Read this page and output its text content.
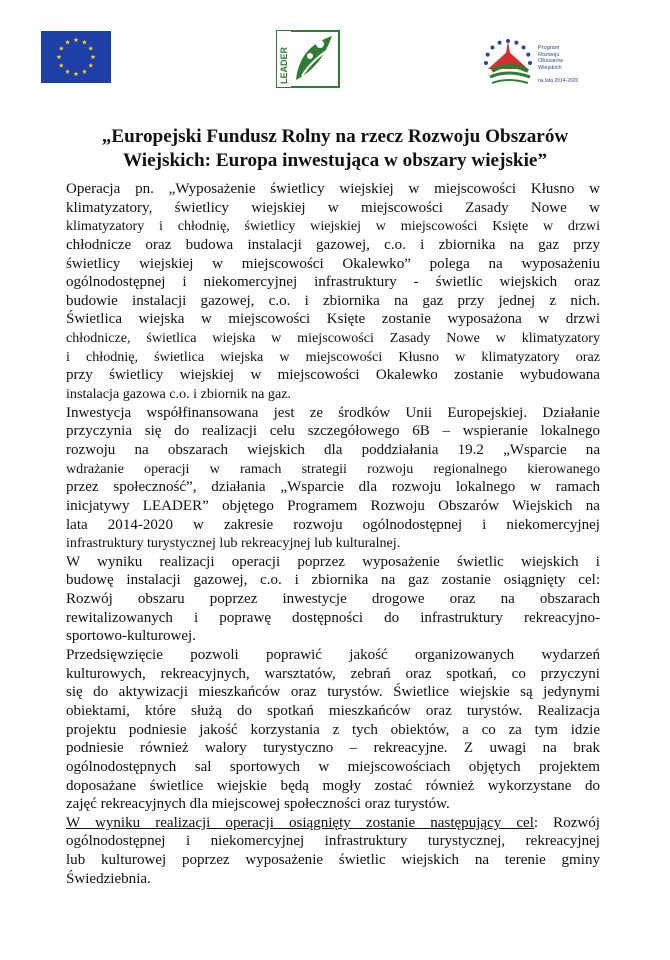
LEADER	Program
Rozwoju
Obszarów
Wiejskich
na lata 2014-2020
„Europejski Fundusz Rolny na rzecz Rozwoju Obszarów
Wiejskich: Europa inwestująca w obszary wiejskie”
Operacja pn. „Wyposażenie świetlicy wiejskiej w miejscowości Kłusno w
klimatyzatory, świetlicy wiejskiej w miejscowości Zasady Nowe w
klimatyzatory i chłodnię, świetlicy wiejskiej w miejscowości Księte w drzwi
chłodnicze oraz budowa instalacji gazowej, c.o. i zbiornika na gaz przy
świetlicy wiejskiej w miejscowości Okalewko” polega na wyposażeniu
ogólnodostępnej i niekomercyjnej infrastruktury - świetlic wiejskich oraz
budowie instalacji gazowej, c.o. i zbiornika na gaz przy jednej z nich.
Świetlica wiejska w miejscowości Księte zostanie wyposażona w drzwi
chłodnicze, świetlica wiejska w miejscowości Zasady Nowe w klimatyzatory
i chłodnię, świetlica wiejska w miejscowości Kłusno w klimatyzatory oraz
przy świetlicy wiejskiej w miejscowości Okalewko zostanie wybudowana
instalacja gazowa c.o. i zbiornik na gaz.
Inwestycja współfinansowana jest ze środków Unii Europejskiej. Działanie
przyczynia się do realizacji celu szczegółowego 6B – wspieranie lokalnego
rozwoju na obszarach wiejskich dla poddziałania 19.2 „Wsparcie na
wdrażanie operacji w ramach strategii rozwoju regionalnego kierowanego
przez społeczność”, działania „Wsparcie dla rozwoju lokalnego w ramach
inicjatywy LEADER” objętego Programem Rozwoju Obszarów Wiejskich na
lata 2014-2020 w zakresie rozwoju ogólnodostępnej i niekomercyjnej
infrastruktury turystycznej lub rekreacyjnej lub kulturalnej.
W wyniku realizacji operacji poprzez wyposażenie świetlic wiejskich i
budowę instalacji gazowej, c.o. i zbiornika na gaz zostanie osiągnięty cel:
Rozwój obszaru poprzez inwestycje drogowe oraz na obszarach
rewitalizowanych i poprawę dostępności do infrastruktury rekreacyjno-
sportowo-kulturowej.
Przedsięwzięcie pozwoli poprawić jakość organizowanych wydarzeń
kulturowych, rekreacyjnych, warsztatów, zebrań oraz spotkań, co przyczyni
się do aktywizacji mieszkańców oraz turystów. Świetlice wiejskie są jedynymi
obiektami, które służą do spotkań mieszkańców oraz turystów. Realizacja
projektu podniesie jakość korzystania z tych obiektów, a co za tym idzie
podniesie również walory turystyczno – rekreacyjne. Z uwagi na brak
ogólnodostępnych sal sportowych w miejscowościach objętych projektem
doposażane świetlice wiejskie będą mogły zostać również wykorzystane do
zajęć rekreacyjnych dla miejscowej społeczności oraz turystów.
W wyniku realizacji operacji osiągnięty zostanie następujący cel: Rozwój
ogólnodostępnej i niekomercyjnej infrastruktury turystycznej, rekreacyjnej
lub kulturowej poprzez wyposażenie świetlic wiejskich na terenie gminy
Świedziebnia.
